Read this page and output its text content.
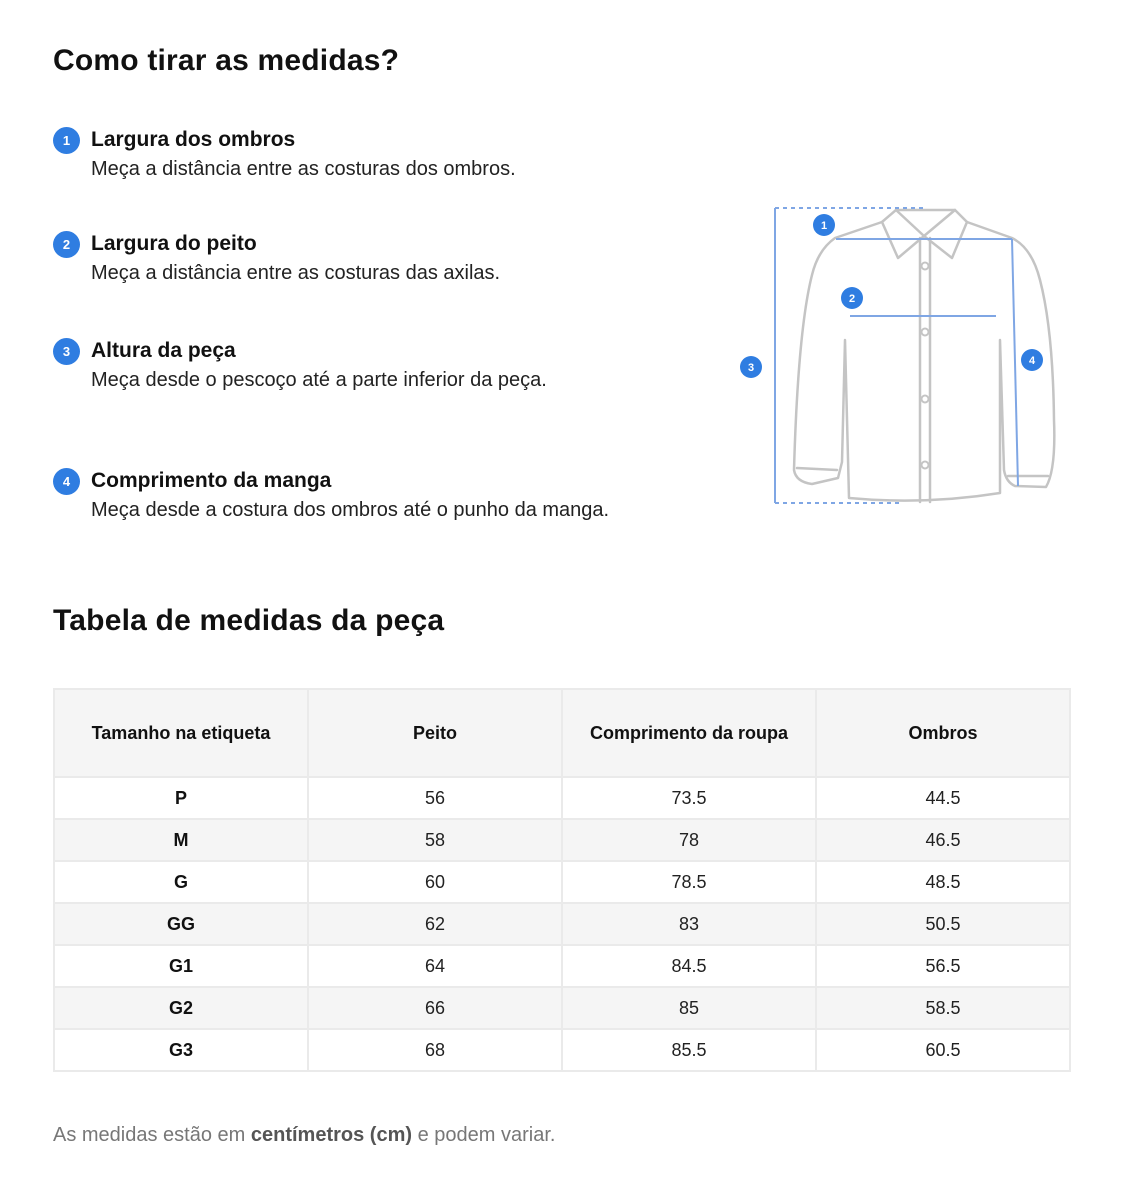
Como tirar as medidas?
1 Largura dos ombros
Meça a distância entre as costuras dos ombros.
2 Largura do peito
Meça a distância entre as costuras das axilas.
3 Altura da peça
Meça desde o pescoço até a parte inferior da peça.
4 Comprimento da manga
Meça desde a costura dos ombros até o punho da manga.
1
2
3
4
Tabela de medidas da peça
Tamanho na etiqueta	Peito	Comprimento da roupa	Ombros
P	56	73.5	44.5
M	58	78	46.5
G	60	78.5	48.5
GG	62	83	50.5
G1	64	84.5	56.5
G2	66	85	58.5
G3	68	85.5	60.5

As medidas estão em centímetros (cm) e podem variar.
